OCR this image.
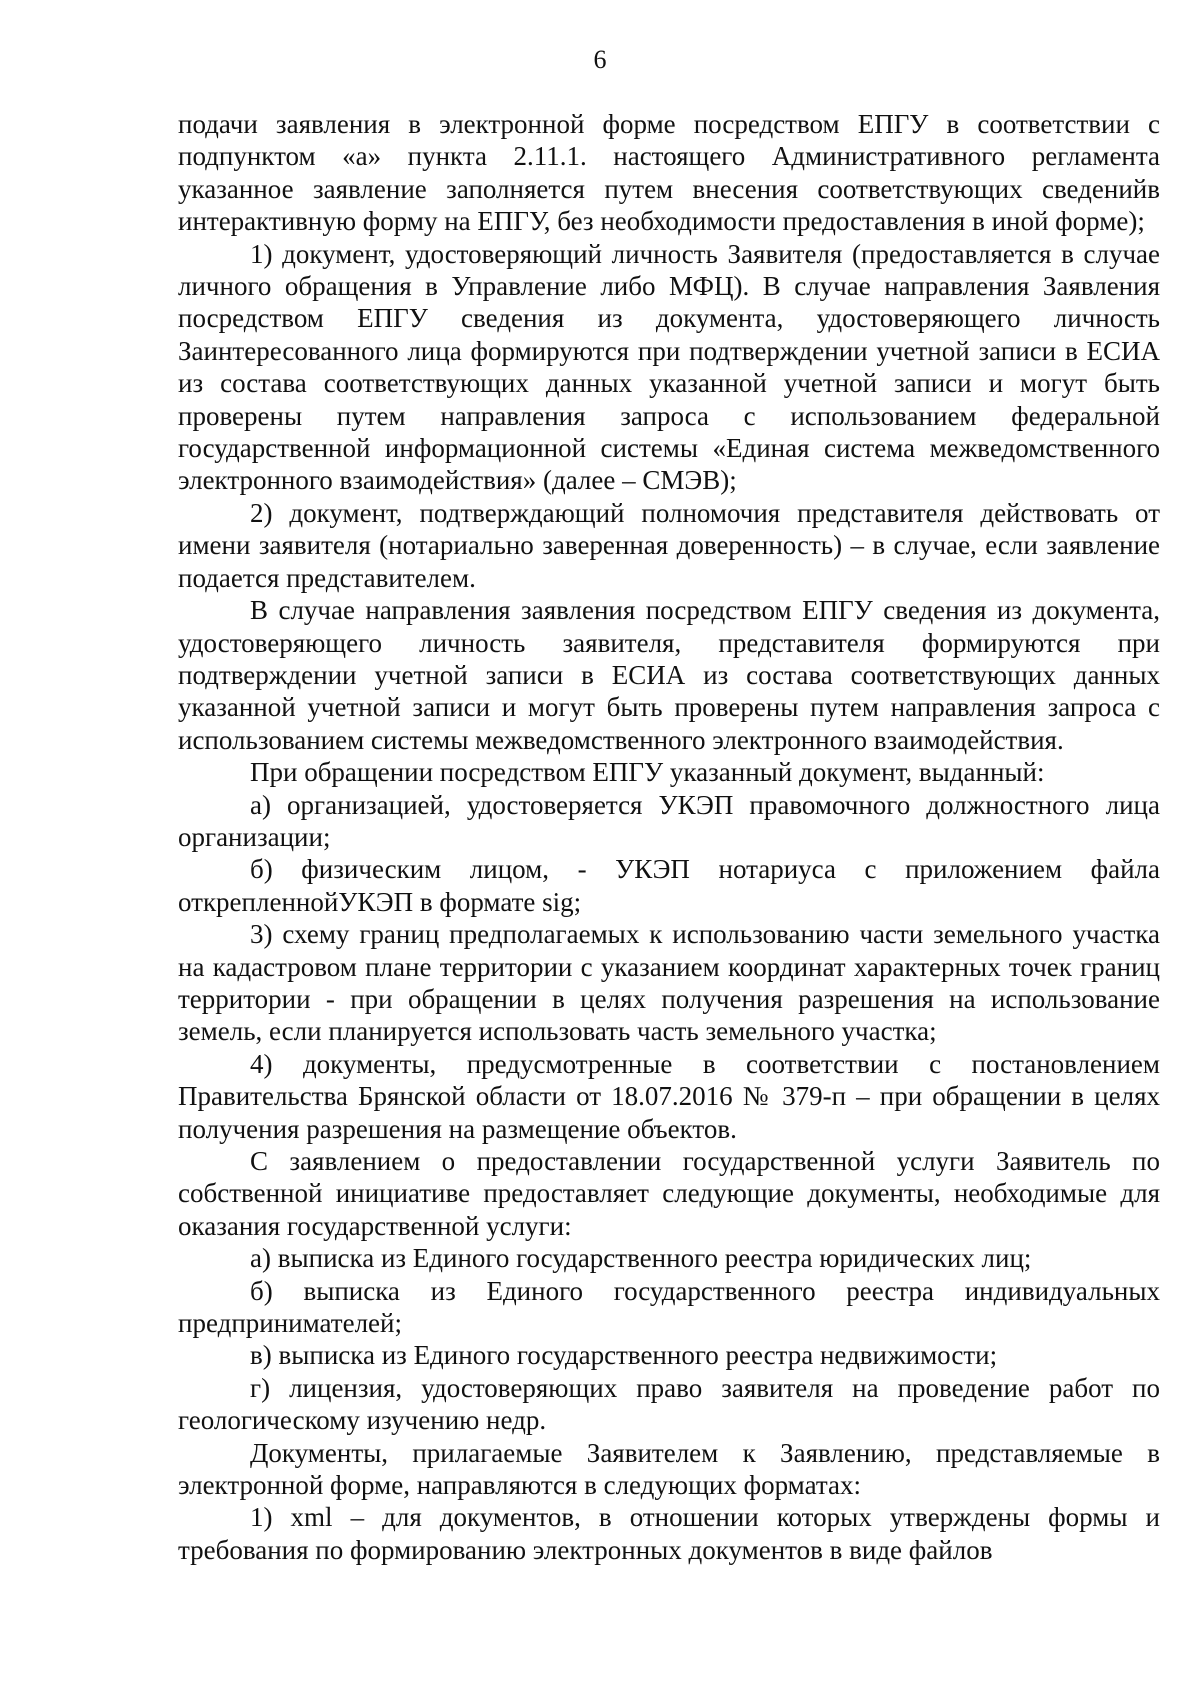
6

подачи заявления в электронной форме посредством ЕПГУ в соответствии с подпунктом «а» пункта 2.11.1. настоящего Административного регламента указанное заявление заполняется путем внесения соответствующих сведенийв интерактивную форму на ЕПГУ, без необходимости предоставления в иной форме);

1) документ, удостоверяющий личность Заявителя (предоставляется в случае личного обращения в Управление либо МФЦ). В случае направления Заявления посредством ЕПГУ сведения из документа, удостоверяющего личность Заинтересованного лица формируются при подтверждении учетной записи в ЕСИА из состава соответствующих данных указанной учетной записи и могут быть проверены путем направления запроса с использованием федеральной государственной информационной системы «Единая система межведомственного электронного взаимодействия» (далее – СМЭВ);

2) документ, подтверждающий полномочия представителя действовать от имени заявителя (нотариально заверенная доверенность) – в случае, если заявление подается представителем.

В случае направления заявления посредством ЕПГУ сведения из документа, удостоверяющего личность заявителя, представителя формируются при подтверждении учетной записи в ЕСИА из состава соответствующих данных указанной учетной записи и могут быть проверены путем направления запроса с использованием системы межведомственного электронного взаимодействия.

При обращении посредством ЕПГУ указанный документ, выданный:

а) организацией, удостоверяется УКЭП правомочного должностного лица организации;

б) физическим лицом, - УКЭП нотариуса с приложением файла открепленнойУКЭП в формате sig;

3) схему границ предполагаемых к использованию части земельного участка на кадастровом плане территории с указанием координат характерных точек границ территории - при обращении в целях получения разрешения на использование земель, если планируется использовать часть земельного участка;

4) документы, предусмотренные в соответствии с постановлением Правительства Брянской области от 18.07.2016 № 379-п – при обращении в целях получения разрешения на размещение объектов.

С заявлением о предоставлении государственной услуги Заявитель по собственной инициативе предоставляет следующие документы, необходимые для оказания государственной услуги:

а) выписка из Единого государственного реестра юридических лиц;

б) выписка из Единого государственного реестра индивидуальных предпринимателей;

в) выписка из Единого государственного реестра недвижимости;

г) лицензия, удостоверяющих право заявителя на проведение работ по геологическому изучению недр.

Документы, прилагаемые Заявителем к Заявлению, представляемые в электронной форме, направляются в следующих форматах:

1) xml – для документов, в отношении которых утверждены формы и требования по формированию электронных документов в виде файлов
